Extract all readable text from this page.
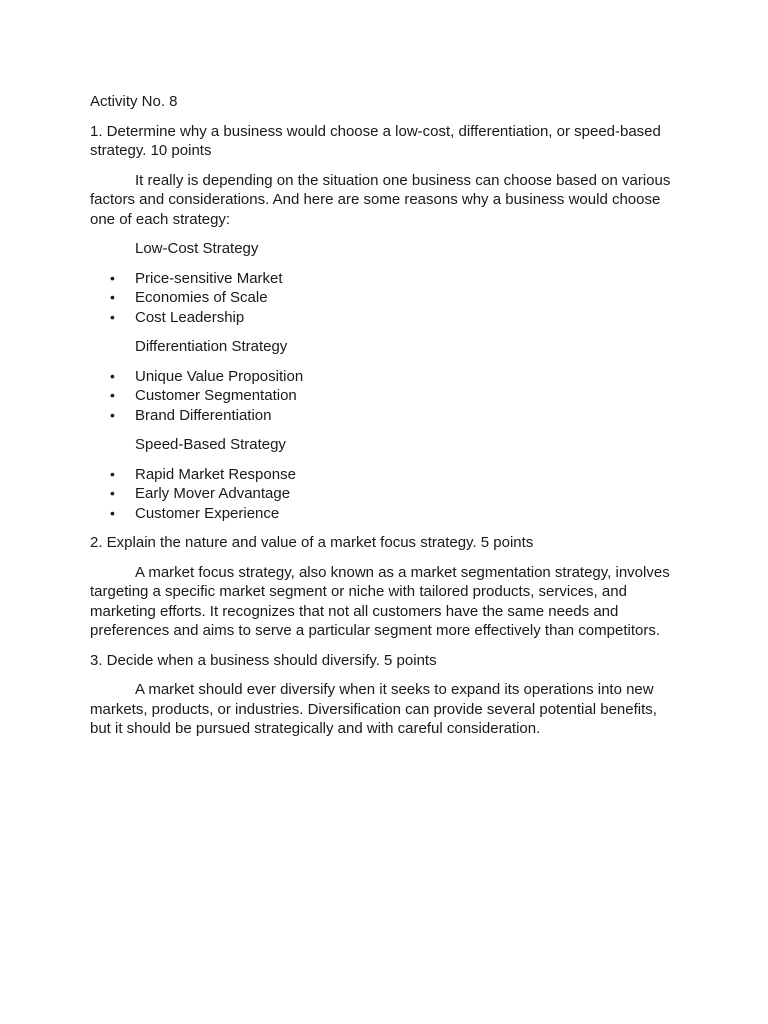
Activity No. 8

1. Determine why a business would choose a low-cost, differentiation, or speed-based strategy. 10 points

It really is depending on the situation one business can choose based on various factors and considerations. And here are some reasons why a business would choose one of each strategy:

Low-Cost Strategy

• Price-sensitive Market
• Economies of Scale
• Cost Leadership

Differentiation Strategy

• Unique Value Proposition
• Customer Segmentation
• Brand Differentiation

Speed-Based Strategy

• Rapid Market Response
• Early Mover Advantage
• Customer Experience

2. Explain the nature and value of a market focus strategy. 5 points

A market focus strategy, also known as a market segmentation strategy, involves targeting a specific market segment or niche with tailored products, services, and marketing efforts. It recognizes that not all customers have the same needs and preferences and aims to serve a particular segment more effectively than competitors.

3. Decide when a business should diversify. 5 points

A market should ever diversify when it seeks to expand its operations into new markets, products, or industries. Diversification can provide several potential benefits, but it should be pursued strategically and with careful consideration.
